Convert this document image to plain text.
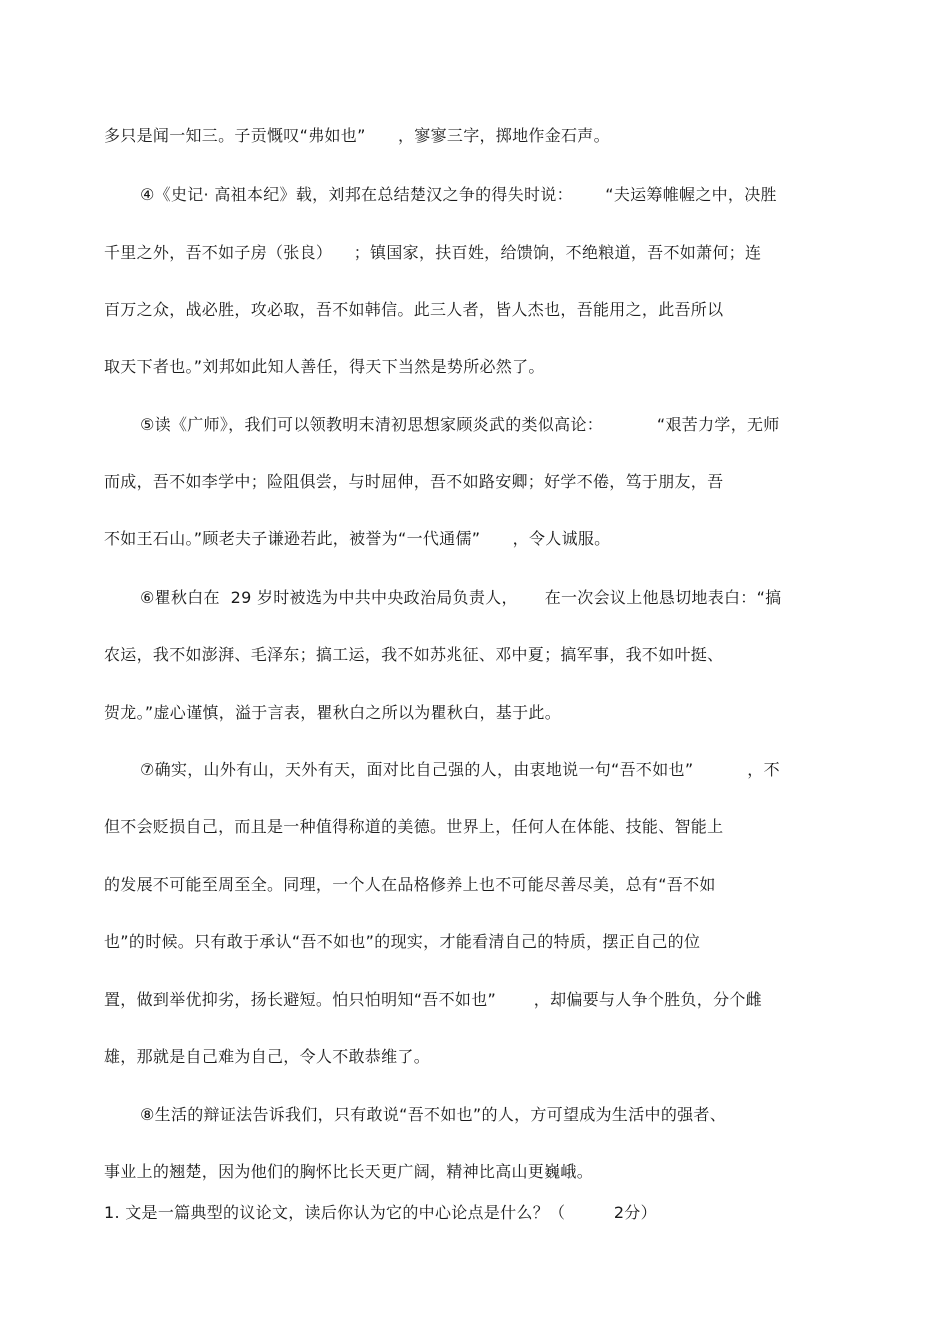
多只是闻一知三。子贡慨叹“弗如也”      ，寥寥三字，掷地作金石声。
④《史记· 高祖本纪》载，刘邦在总结楚汉之争的得失时说：      “夫运筹帷幄之中，决胜
千里之外，吾不如子房（张良）    ；镇国家，扶百姓，给馈饷，不绝粮道，吾不如萧何；连
百万之众，战必胜，攻必取，吾不如韩信。此三人者，皆人杰也，吾能用之，此吾所以
取天下者也。”刘邦如此知人善任，得天下当然是势所必然了。
⑤读《广师》，我们可以领教明末清初思想家顾炎武的类似高论：          “艰苦力学，无师
而成，吾不如李学中；险阻俱尝，与时屈伸，吾不如路安卿；好学不倦，笃于朋友，吾
不如王石山。”顾老夫子谦逊若此，被誉为“一代通儒”      ，令人诚服。
⑥瞿秋白在  29 岁时被选为中共中央政治局负责人，     在一次会议上他恳切地表白：“搞
农运，我不如澎湃、毛泽东；搞工运，我不如苏兆征、邓中夏；搞军事，我不如叶挺、
贺龙。”虚心谨慎，溢于言表，瞿秋白之所以为瞿秋白，基于此。
⑦确实，山外有山，天外有天，面对比自己强的人，由衷地说一句“吾不如也”          ，不
但不会贬损自己，而且是一种值得称道的美德。世界上，任何人在体能、技能、智能上
的发展不可能至周至全。同理，一个人在品格修养上也不可能尽善尽美，总有“吾不如
也”的时候。只有敢于承认“吾不如也”的现实，才能看清自己的特质，摆正自己的位
置，做到举优抑劣，扬长避短。怕只怕明知“吾不如也”       ，却偏要与人争个胜负，分个雌
雄，那就是自己难为自己，令人不敢恭维了。
⑧生活的辩证法告诉我们，只有敢说“吾不如也”的人，方可望成为生活中的强者、
事业上的翘楚，因为他们的胸怀比长天更广阔，精神比高山更巍峨。
1. 文是一篇典型的议论文，读后你认为它的中心论点是什么？（         2分）
